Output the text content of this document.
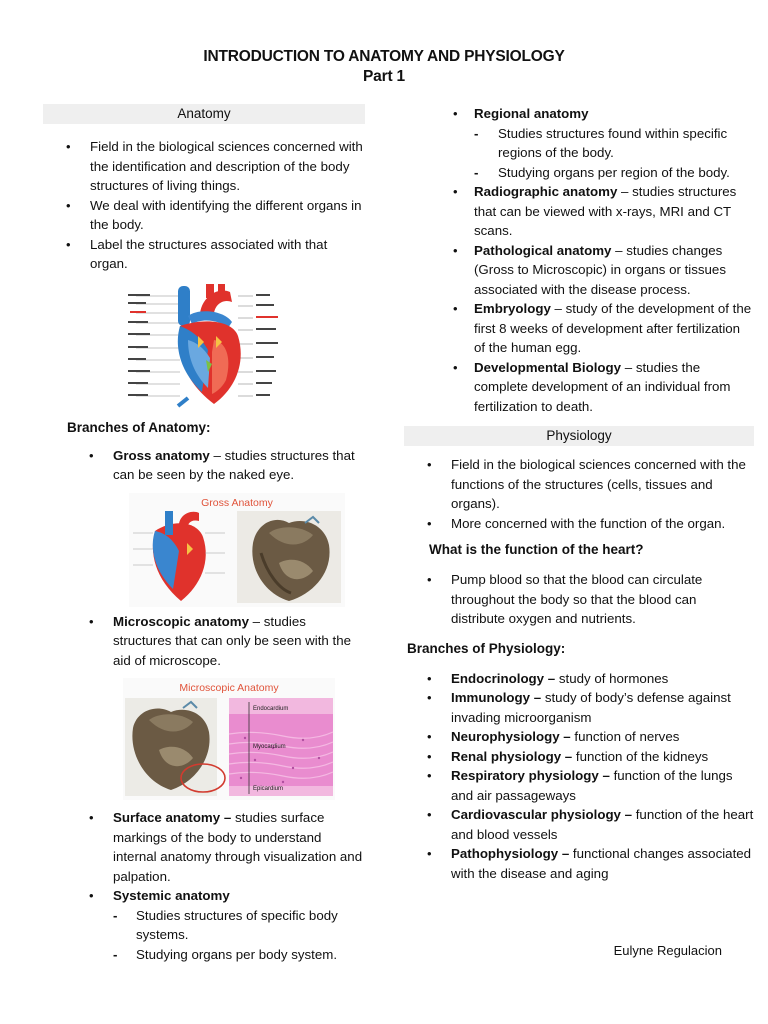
INTRODUCTION TO ANATOMY AND PHYSIOLOGY
Part 1
Anatomy
• Field in the biological sciences concerned with the identification and description of the body structures of living things.
• We deal with identifying the different organs in the body.
• Label the structures associated with that organ.
Branches of Anatomy:
• Gross anatomy – studies structures that can be seen by the naked eye.
Gross Anatomy
• Microscopic anatomy – studies structures that can only be seen with the aid of microscope.
Microscopic Anatomy
Endocardium
Myocardium
Epicardium
• Surface anatomy – studies surface markings of the body to understand internal anatomy through visualization and palpation.
• Systemic anatomy
- Studies structures of specific body systems.
- Studying organs per body system.
• Regional anatomy
- Studies structures found within specific regions of the body.
- Studying organs per region of the body.
• Radiographic anatomy – studies structures that can be viewed with x-rays, MRI and CT scans.
• Pathological anatomy – studies changes (Gross to Microscopic) in organs or tissues associated with the disease process.
• Embryology – study of the development of the first 8 weeks of development after fertilization of the human egg.
• Developmental Biology – studies the complete development of an individual from fertilization to death.
Physiology
• Field in the biological sciences concerned with the functions of the structures (cells, tissues and organs).
• More concerned with the function of the organ.
What is the function of the heart?
• Pump blood so that the blood can circulate throughout the body so that the blood can distribute oxygen and nutrients.
Branches of Physiology:
• Endocrinology – study of hormones
• Immunology – study of body’s defense against invading microorganism
• Neurophysiology – function of nerves
• Renal physiology – function of the kidneys
• Respiratory physiology – function of the lungs and air passageways
• Cardiovascular physiology – function of the heart and blood vessels
• Pathophysiology – functional changes associated with the disease and aging
Eulyne Regulacion
